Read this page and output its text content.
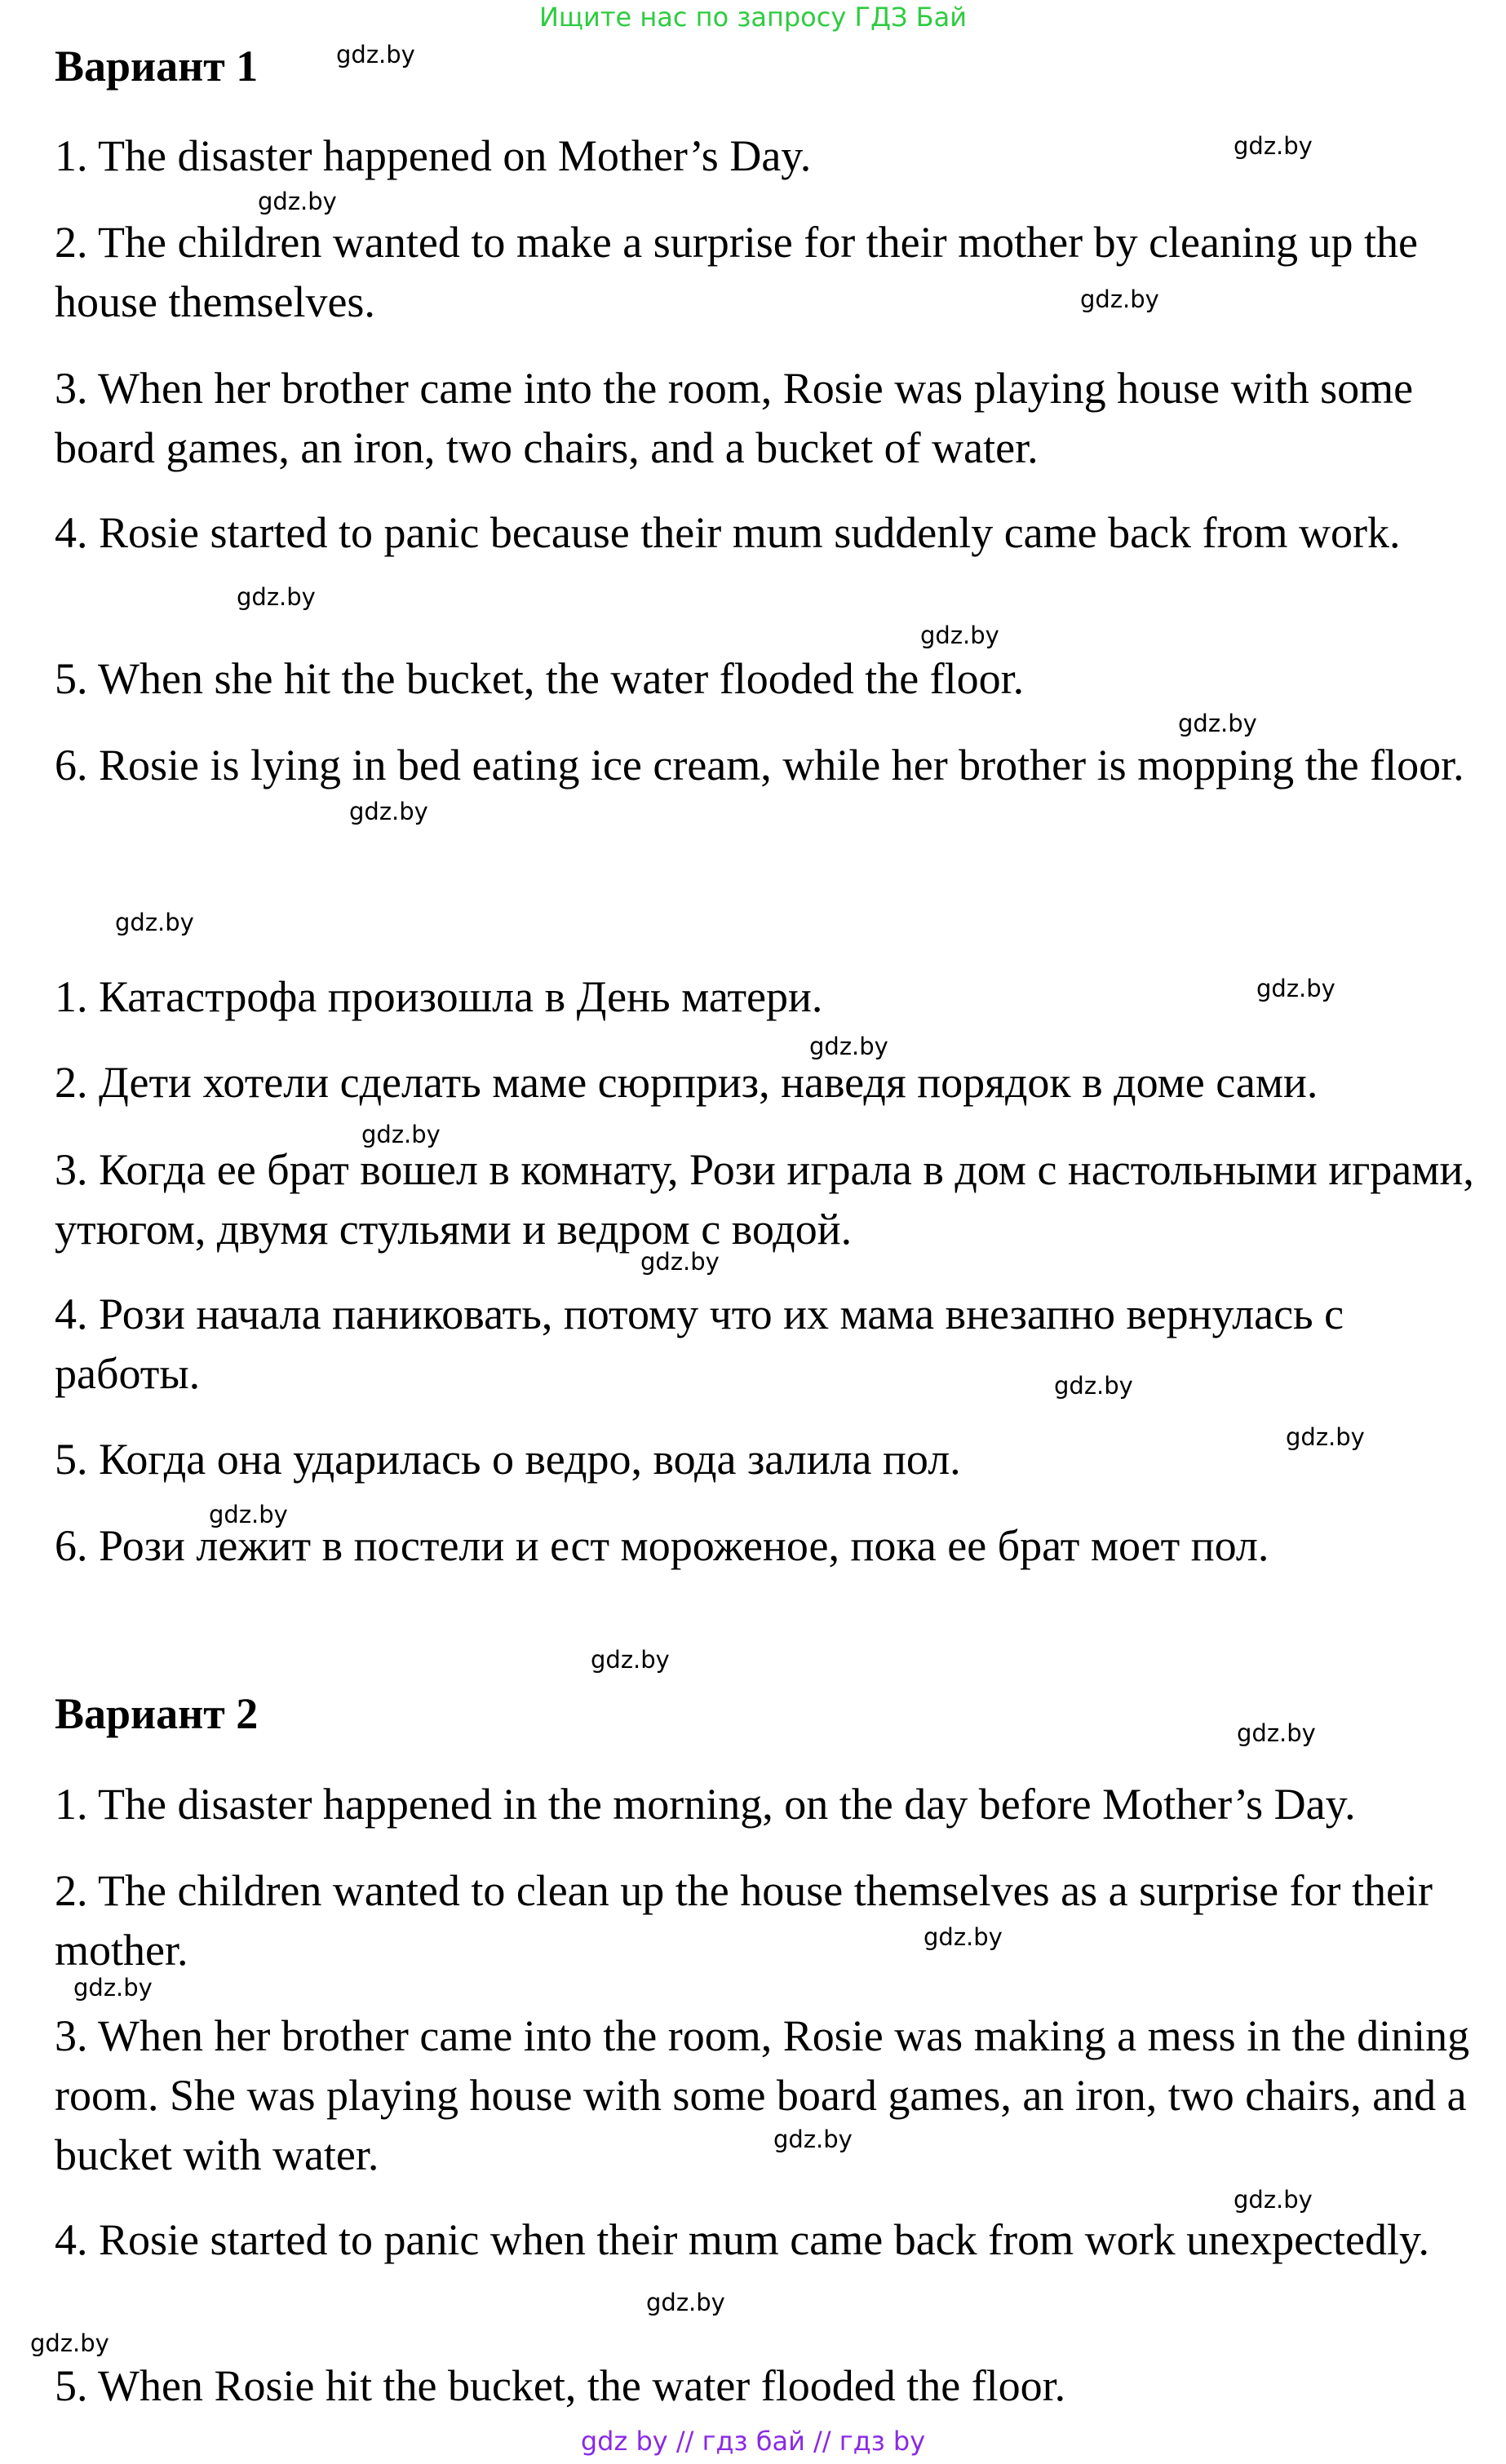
Ищите нас по запросу ГДЗ Бай
Вариант 1

1. The disaster happened on Mother’s Day.

2. The children wanted to make a surprise for their mother by cleaning up the house themselves.

3. When her brother came into the room, Rosie was playing house with some board games, an iron, two chairs, and a bucket of water.

4. Rosie started to panic because their mum suddenly came back from work.

5. When she hit the bucket, the water flooded the floor.

6. Rosie is lying in bed eating ice cream, while her brother is mopping the floor.

1. Катастрофа произошла в День матери.

2. Дети хотели сделать маме сюрприз, наведя порядок в доме сами.

3. Когда ее брат вошел в комнату, Рози играла в дом с настольными играми, утюгом, двумя стульями и ведром с водой.

4. Рози начала паниковать, потому что их мама внезапно вернулась с работы.

5. Когда она ударилась о ведро, вода залила пол.

6. Рози лежит в постели и ест мороженое, пока ее брат моет пол.

Вариант 2

1. The disaster happened in the morning, on the day before Mother’s Day.

2. The children wanted to clean up the house themselves as a surprise for their mother.

3. When her brother came into the room, Rosie was making a mess in the dining room. She was playing house with some board games, an iron, two chairs, and a bucket with water.

4. Rosie started to panic when their mum came back from work unexpectedly.

5. When Rosie hit the bucket, the water flooded the floor.

gdz.by
gdz.by
gdz.by
gdz.by
gdz.by
gdz.by
gdz.by
gdz.by
gdz.by
gdz.by
gdz.by
gdz.by
gdz.by
gdz.by
gdz.by
gdz.by
gdz.by
gdz.by
gdz.by
gdz.by
gdz.by
gdz.by
gdz.by
gdz.by
gdz by // гдз бай // гдз by
